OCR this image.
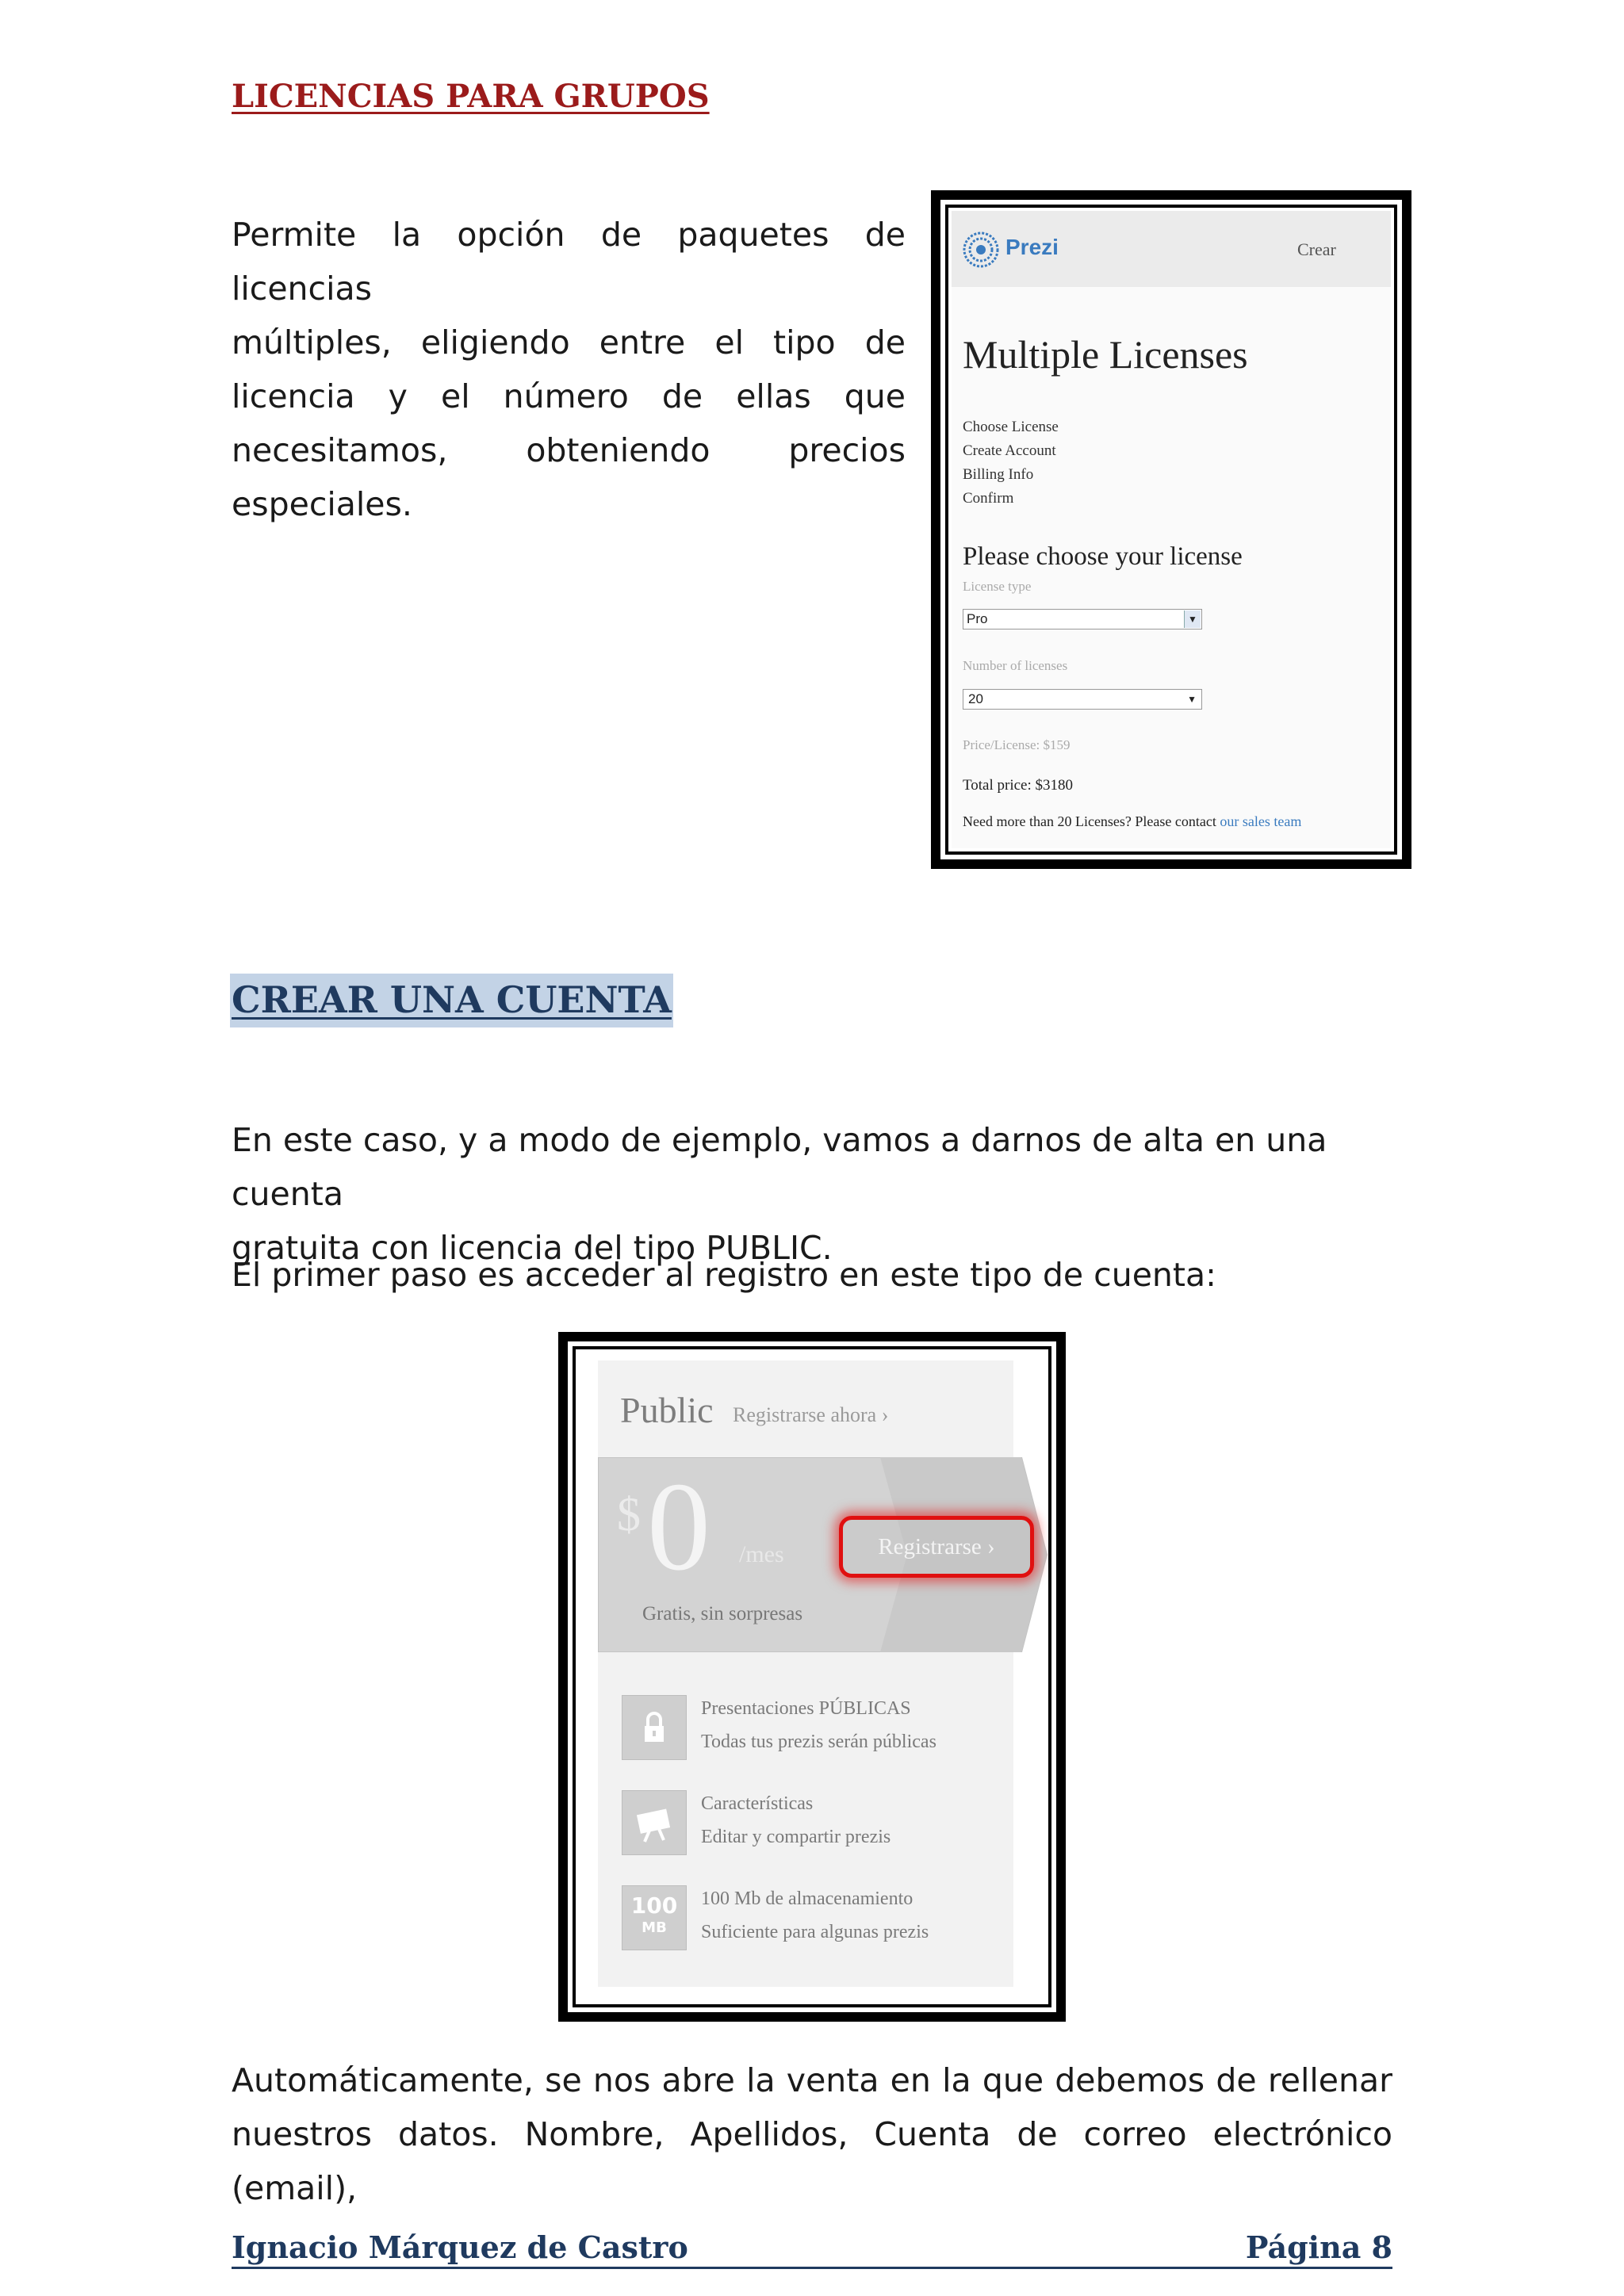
LICENCIAS PARA GRUPOS
Permite la opción de paquetes de licencias
múltiples, eligiendo entre el tipo de
licencia y el número de ellas que
necesitamos, obteniendo precios
especiales.
Prezi	Crear
Multiple Licenses
Choose License
Create Account
Billing Info
Confirm
Please choose your license
License type
Pro	▼
Number of licenses
20	▼
Price/License: $159
Total price: $3180
Need more than 20 Licenses? Please contact our sales team
CREAR UNA CUENTA
En este caso, y a modo de ejemplo, vamos a darnos de alta en una cuenta
gratuita con licencia del tipo PUBLIC.
El primer paso es acceder al registro en este tipo de cuenta:
Public Registrarse ahora ›
$ 0 /mes	Registrarse ›
Gratis, sin sorpresas
Presentaciones PÚBLICAS
Todas tus prezis serán públicas
Características
Editar y compartir prezis
100
MB
100 Mb de almacenamiento
Suficiente para algunas prezis
Automáticamente, se nos abre la venta en la que debemos de rellenar
nuestros datos. Nombre, Apellidos, Cuenta de correo electrónico (email),
Ignacio Márquez de Castro	Página 8
